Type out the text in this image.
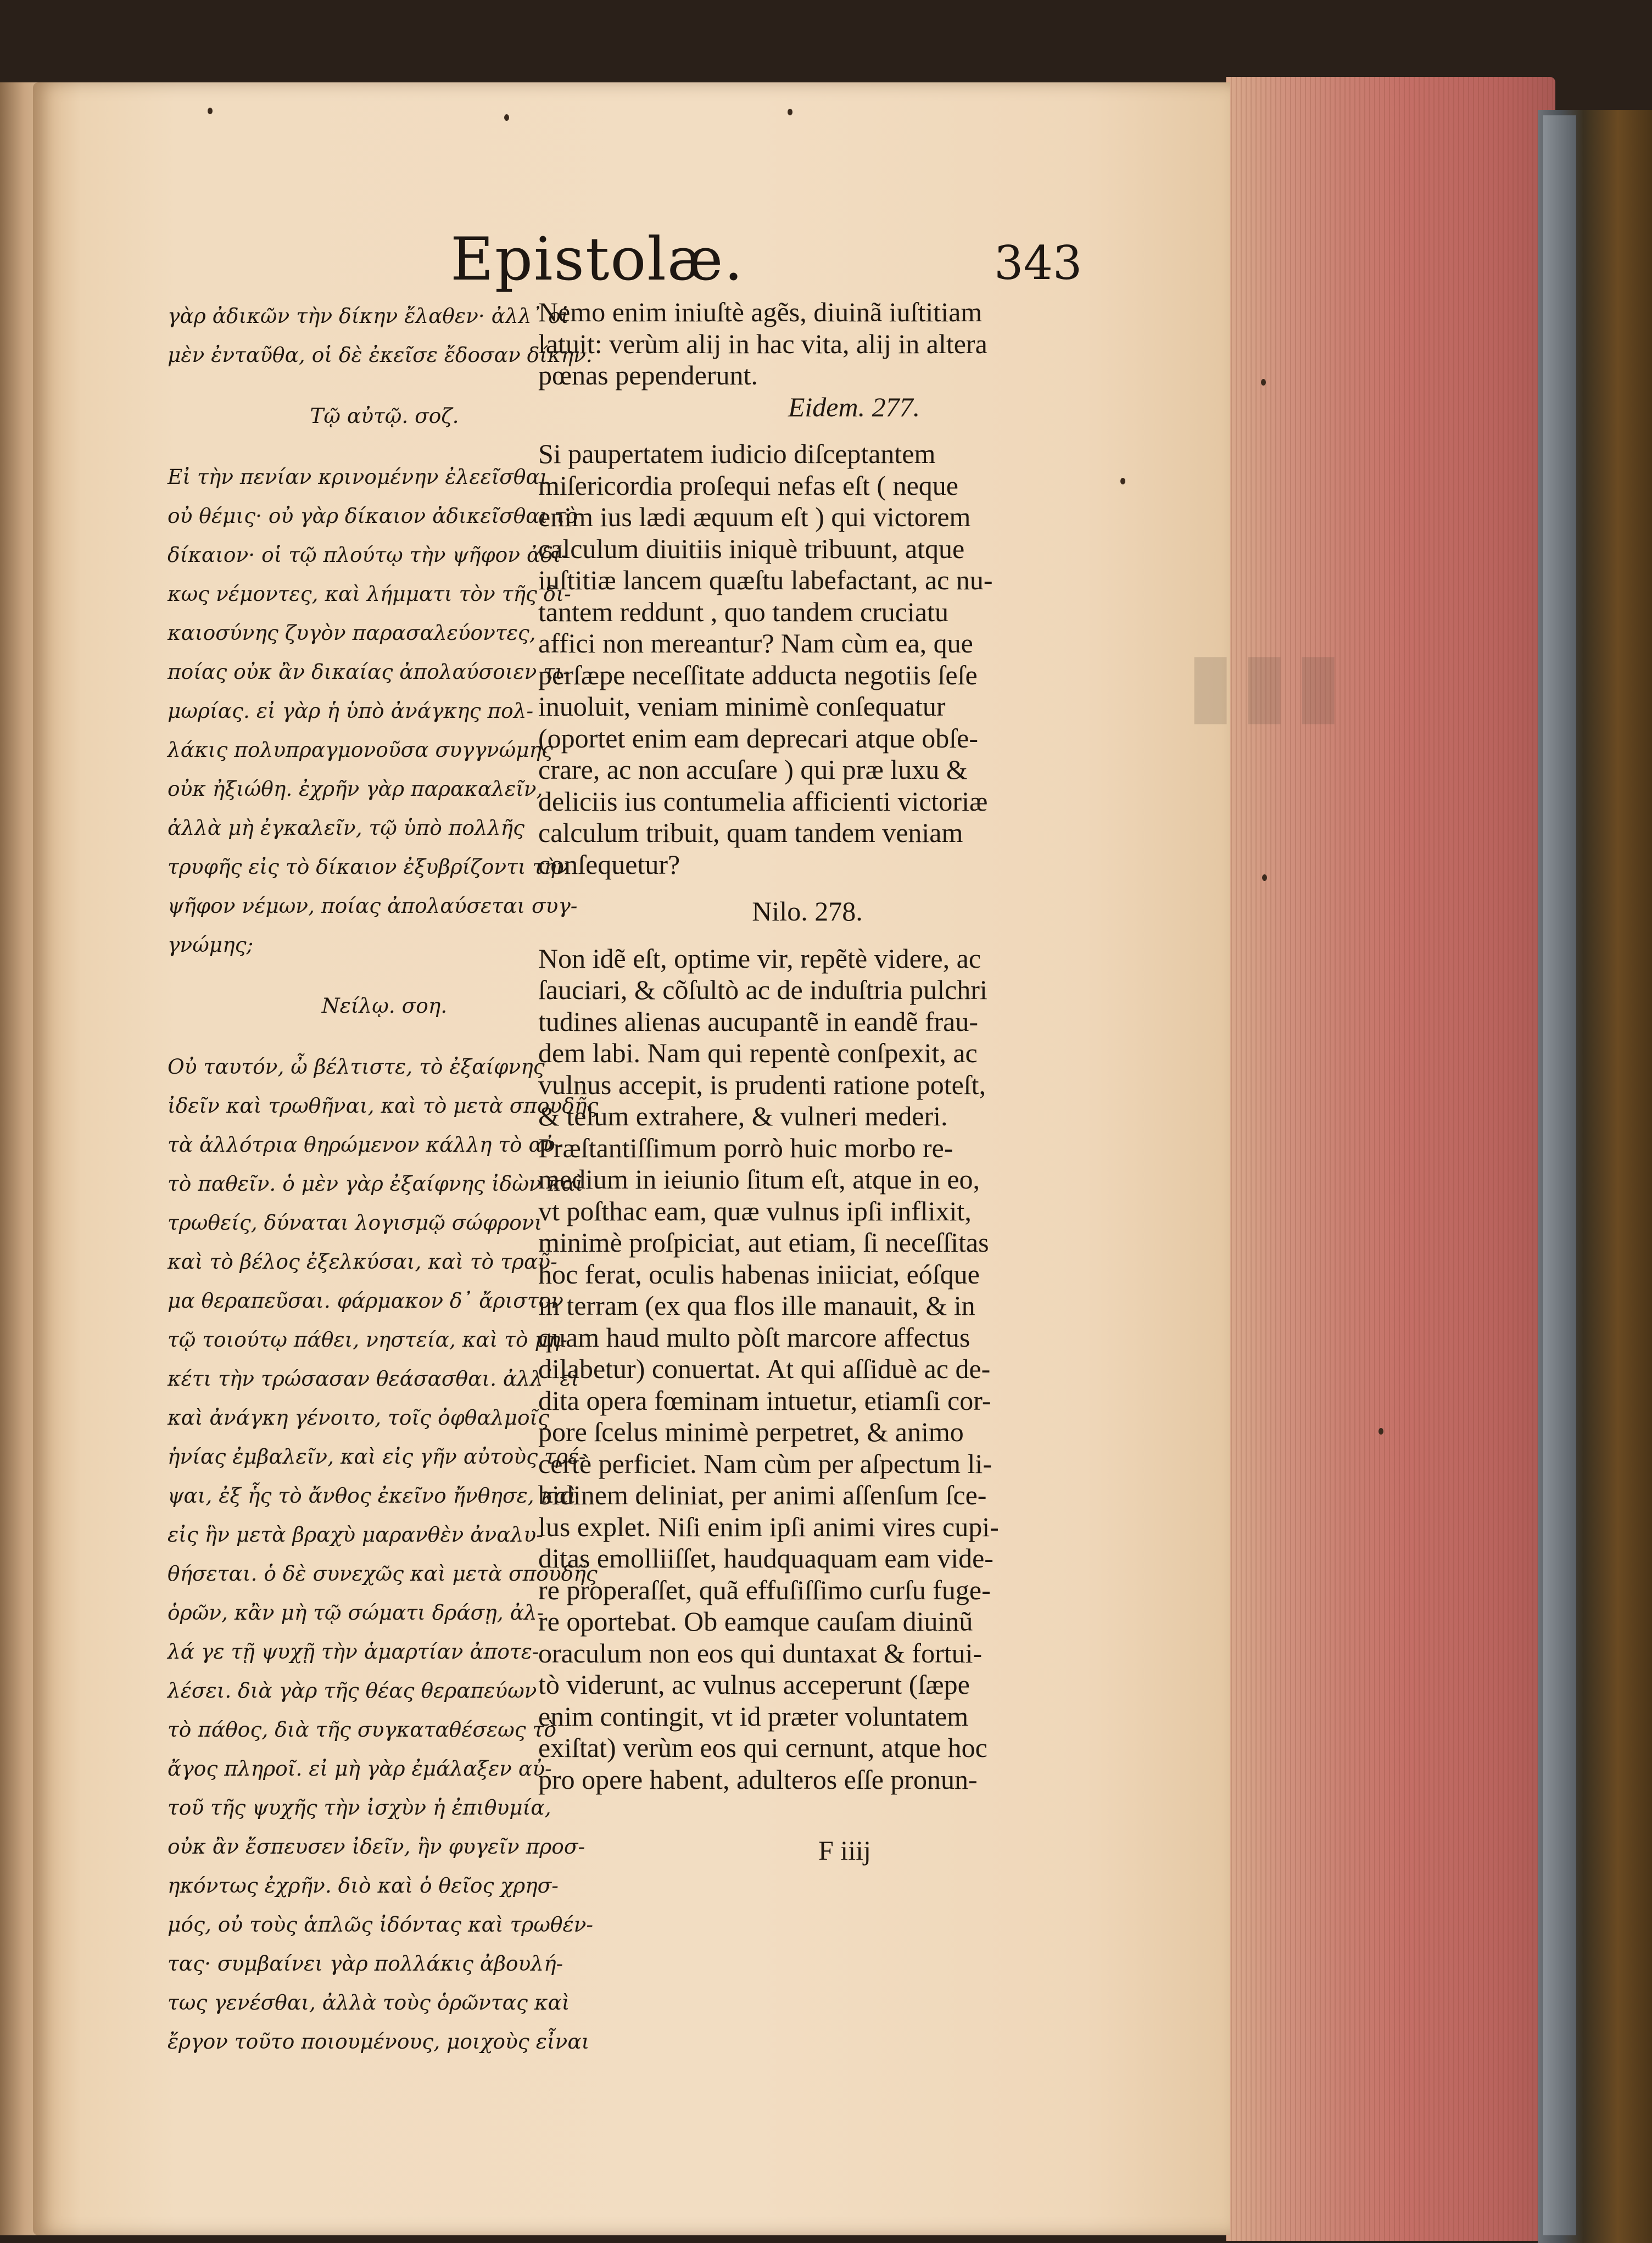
Epistolæ.	343
γὰρ ἀδικῶν τὴν δίκην ἔλαθεν· ἀλλ᾽ οἱ
μὲν ἐνταῦθα, οἱ δὲ ἐκεῖσε ἔδοσαν δίκην.
Τῷ αὐτῷ. σοζ.
Εἰ τὴν πενίαν κρινομένην ἐλεεῖσθαι
οὐ θέμις· οὐ γὰρ δίκαιον ἀδικεῖσθαι τὸ
δίκαιον· οἱ τῷ πλούτῳ τὴν ψῆφον ἀδί-
κως νέμοντες, καὶ λήμματι τὸν τῆς δι-
καιοσύνης ζυγὸν παρασαλεύοντες,
ποίας οὐκ ἂν δικαίας ἀπολαύσοιεν τι-
μωρίας. εἰ γὰρ ἡ ὑπὸ ἀνάγκης πολ-
λάκις πολυπραγμονοῦσα συγγνώμης
οὐκ ἠξιώθη. ἐχρῆν γὰρ παρακαλεῖν,
ἀλλὰ μὴ ἐγκαλεῖν, τῷ ὑπὸ πολλῆς
τρυφῆς εἰς τὸ δίκαιον ἐξυβρίζοντι τὴν
ψῆφον νέμων, ποίας ἀπολαύσεται συγ-
γνώμης;
Νείλῳ. σοη.
Οὐ ταυτόν, ὦ βέλτιστε, τὸ ἐξαίφνης
ἰδεῖν καὶ τρωθῆναι, καὶ τὸ μετὰ σπουδῆς
τὰ ἀλλότρια θηρώμενον κάλλη τὸ αὐ-
τὸ παθεῖν. ὁ μὲν γὰρ ἐξαίφνης ἰδὼν καὶ
τρωθείς, δύναται λογισμῷ σώφρονι
καὶ τὸ βέλος ἐξελκύσαι, καὶ τὸ τραῦ-
μα θεραπεῦσαι. φάρμακον δ᾽ ἄριστον
τῷ τοιούτῳ πάθει, νηστεία, καὶ τὸ μη-
κέτι τὴν τρώσασαν θεάσασθαι. ἀλλ᾽ εἰ
καὶ ἀνάγκη γένοιτο, τοῖς ὀφθαλμοῖς
ἡνίας ἐμβαλεῖν, καὶ εἰς γῆν αὐτοὺς τρέ-
ψαι, ἐξ ἧς τὸ ἄνθος ἐκεῖνο ἤνθησε, καὶ
εἰς ἣν μετὰ βραχὺ μαρανθὲν ἀναλυ-
θήσεται. ὁ δὲ συνεχῶς καὶ μετὰ σπουδῆς
ὁρῶν, κἂν μὴ τῷ σώματι δράσῃ, ἀλ-
λά γε τῇ ψυχῇ τὴν ἁμαρτίαν ἀποτε-
λέσει. διὰ γὰρ τῆς θέας θεραπεύων
τὸ πάθος, διὰ τῆς συγκαταθέσεως τὸ
ἄγος πληροῖ. εἰ μὴ γὰρ ἐμάλαξεν αὐ-
τοῦ τῆς ψυχῆς τὴν ἰσχὺν ἡ ἐπιθυμία,
οὐκ ἂν ἔσπευσεν ἰδεῖν, ἣν φυγεῖν προσ-
ηκόντως ἐχρῆν. διὸ καὶ ὁ θεῖος χρησ-
μός, οὐ τοὺς ἁπλῶς ἰδόντας καὶ τρωθέν-
τας· συμβαίνει γὰρ πολλάκις ἀβουλή-
τως γενέσθαι, ἀλλὰ τοὺς ὁρῶντας καὶ
ἔργον τοῦτο ποιουμένους, μοιχοὺς εἶναι
Nemo enim iniuſtè agẽs, diuinã iuſtitiam
latuit: verùm alij in hac vita, alij in altera
pœnas pependerunt.
Eidem. 277.
Si paupertatem iudicio diſceptantem
miſericordia proſequi nefas eſt ( neque
enim ius lædi æquum eſt ) qui victorem
calculum diuitiis iniquè tribuunt, atque
iuſtitiæ lancem quæſtu labefactant, ac nu-
tantem reddunt , quo tandem cruciatu
affici non mereantur? Nam cùm ea, que
perſæpe neceſſitate adducta negotiis ſeſe
inuoluit, veniam minimè conſequatur
(oportet enim eam deprecari atque obſe-
crare, ac non accuſare ) qui præ luxu &
deliciis ius contumelia afficienti victoriæ
calculum tribuit, quam tandem veniam
conſequetur?
Nilo. 278.
Non idẽ eſt, optime vir, repẽtè videre, ac
ſauciari, & cõſultò ac de induſtria pulchri
tudines alienas aucupantẽ in eandẽ frau-
dem labi. Nam qui repentè conſpexit, ac
vulnus accepit, is prudenti ratione poteſt,
& telum extrahere, & vulneri mederi.
Præſtantiſſimum porrò huic morbo re-
medium in ieiunio ſitum eſt, atque in eo,
vt poſthac eam, quæ vulnus ipſi inflixit,
minimè proſpiciat, aut etiam, ſi neceſſitas
hoc ferat, oculis habenas iniiciat, eóſque
in terram (ex qua flos ille manauit, & in
quam haud multo pòſt marcore affectus
dilabetur) conuertat. At qui aſſiduè ac de-
dita opera fœminam intuetur, etiamſi cor-
pore ſcelus minimè perpetret, & animo
certè perficiet. Nam cùm per aſpectum li-
bidinem deliniat, per animi aſſenſum ſce-
lus explet. Niſi enim ipſi animi vires cupi-
ditas emolliiſſet, haudquaquam eam vide-
re properaſſet, quã effuſiſſimo curſu fuge-
re oportebat. Ob eamque cauſam diuinũ
oraculum non eos qui duntaxat & fortui-
tò viderunt, ac vulnus acceperunt (ſæpe
enim contingit, vt id præter voluntatem
exiſtat) verùm eos qui cernunt, atque hoc
pro opere habent, adulteros eſſe pronun-
F iiij
